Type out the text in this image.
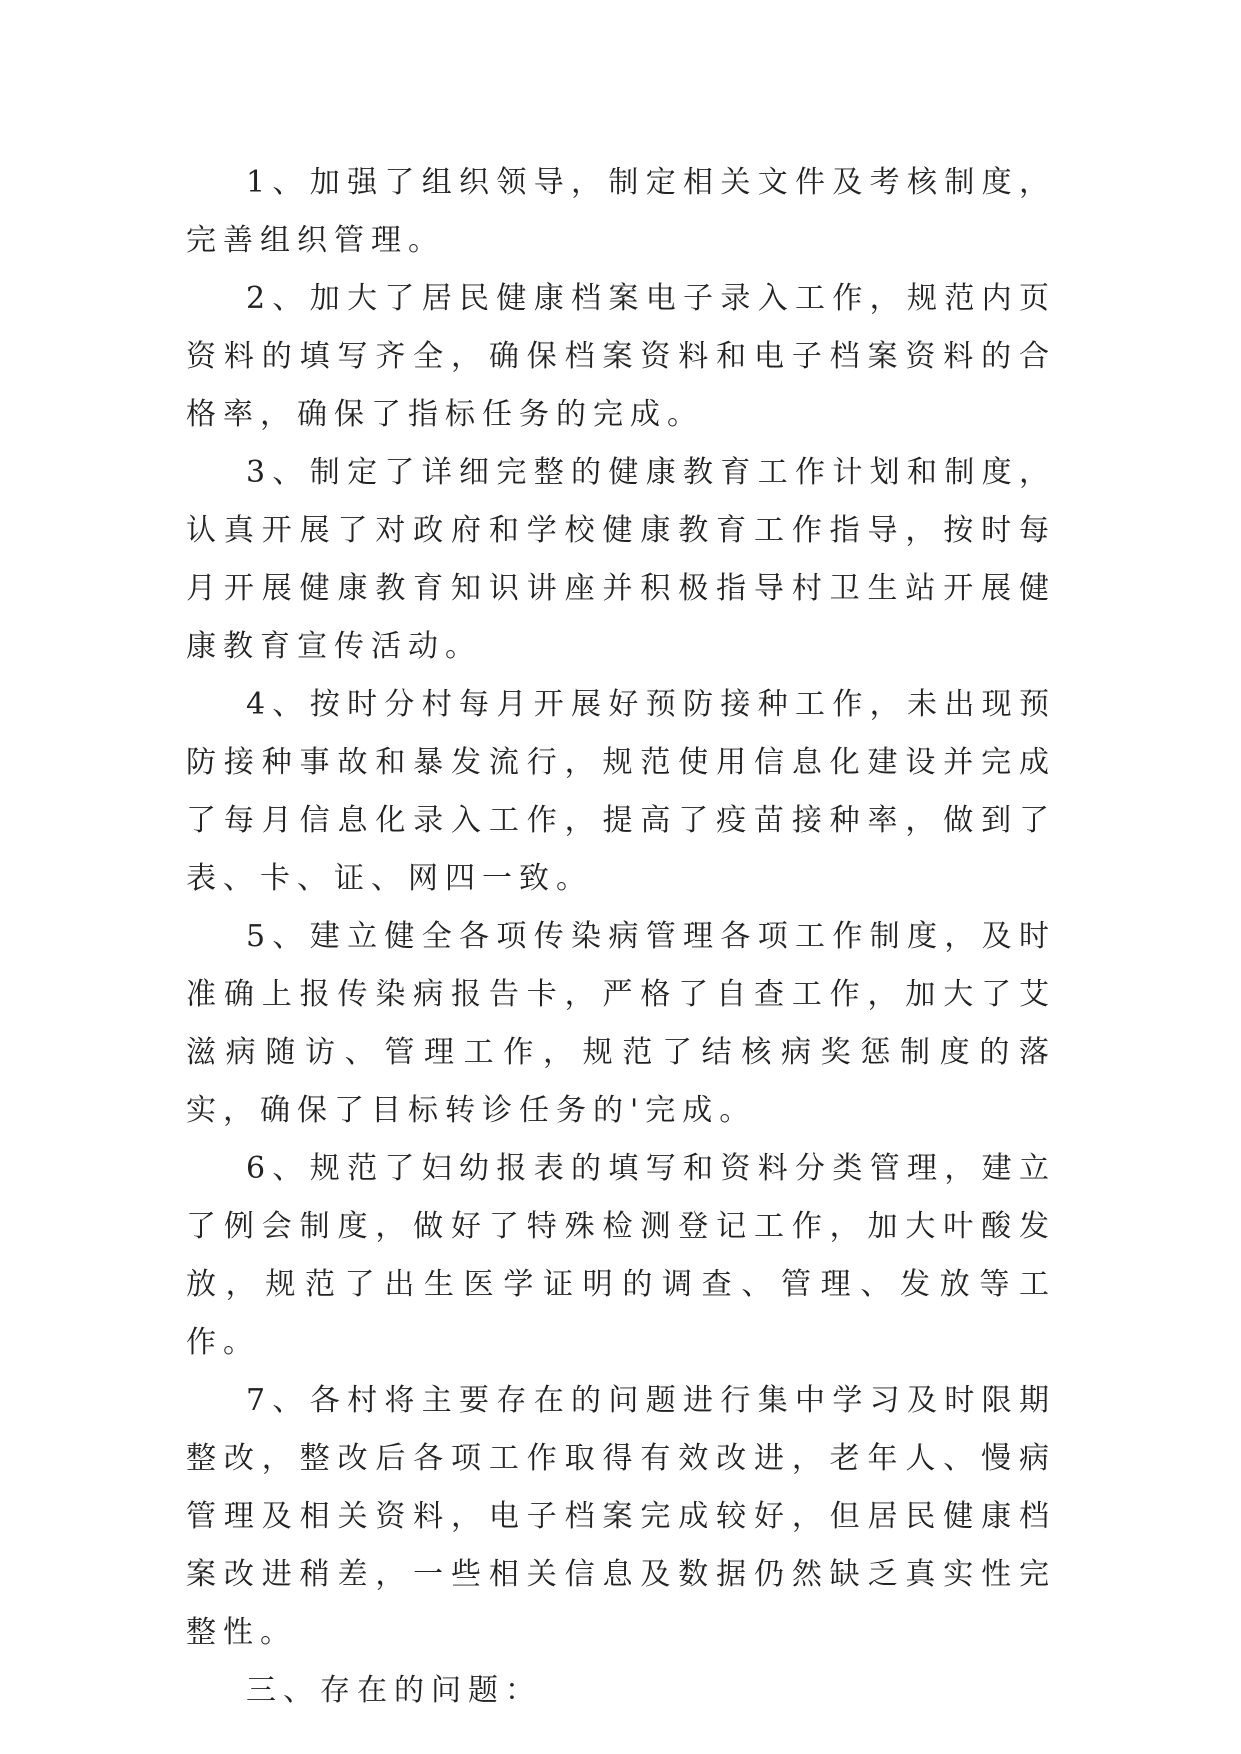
1、加强了组织领导，制定相关文件及考核制度，完善组织管理。

2、加大了居民健康档案电子录入工作，规范内页资料的填写齐全，确保档案资料和电子档案资料的合格率，确保了指标任务的完成。

3、制定了详细完整的健康教育工作计划和制度，认真开展了对政府和学校健康教育工作指导，按时每月开展健康教育知识讲座并积极指导村卫生站开展健康教育宣传活动。

4、按时分村每月开展好预防接种工作，未出现预防接种事故和暴发流行，规范使用信息化建设并完成了每月信息化录入工作，提高了疫苗接种率，做到了表、卡、证、网四一致。

5、建立健全各项传染病管理各项工作制度，及时准确上报传染病报告卡，严格了自查工作，加大了艾滋病随访、管理工作，规范了结核病奖惩制度的落实，确保了目标转诊任务的'完成。

6、规范了妇幼报表的填写和资料分类管理，建立了例会制度，做好了特殊检测登记工作，加大叶酸发放，规范了出生医学证明的调查、管理、发放等工作。

7、各村将主要存在的问题进行集中学习及时限期整改，整改后各项工作取得有效改进，老年人、慢病管理及相关资料，电子档案完成较好，但居民健康档案改进稍差，一些相关信息及数据仍然缺乏真实性完整性。

三、存在的问题：
